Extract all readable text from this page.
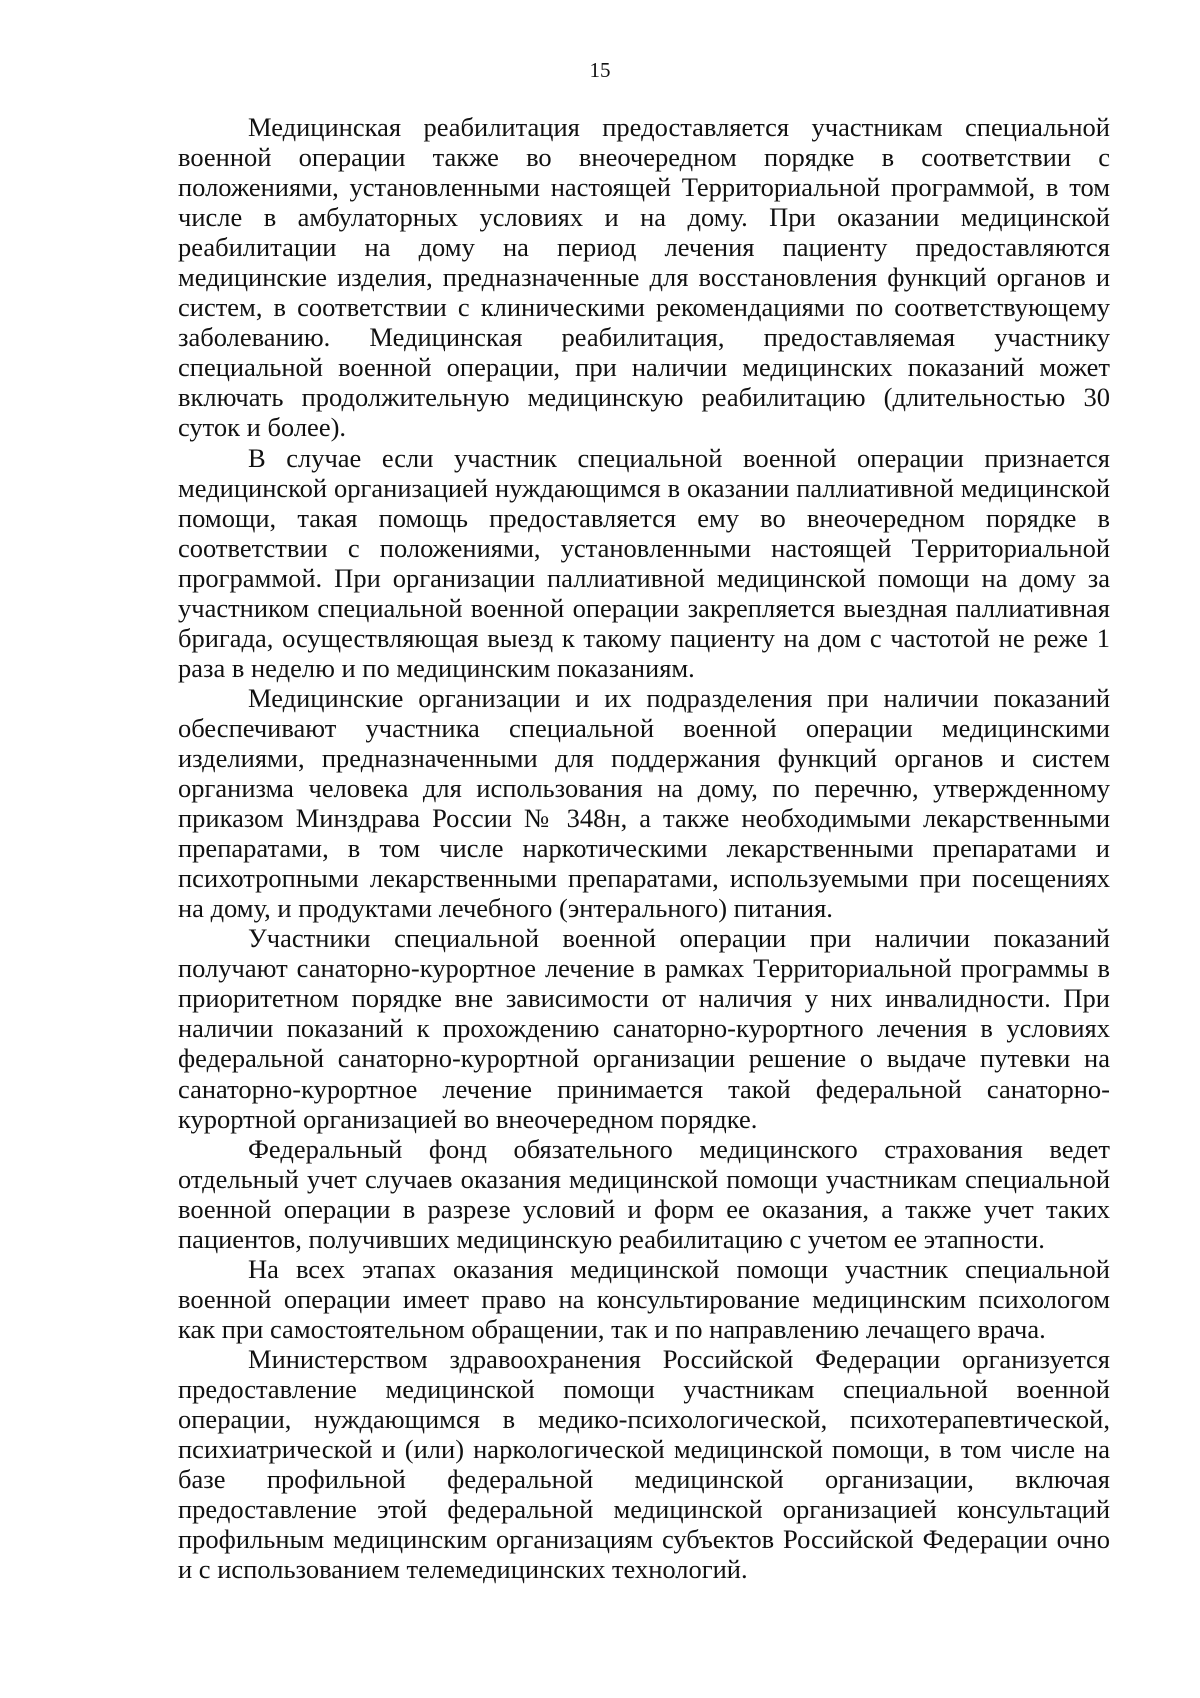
15

Медицинская реабилитация предоставляется участникам специальной военной операции также во внеочередном порядке в соответствии с положениями, установленными настоящей Территориальной программой, в том числе в амбулаторных условиях и на дому. При оказании медицинской реабилитации на дому на период лечения пациенту предоставляются медицинские изделия, предназначенные для восстановления функций органов и систем, в соответствии с клиническими рекомендациями по соответствующему заболеванию. Медицинская реабилитация, предоставляемая участнику специальной военной операции, при наличии медицинских показаний может включать продолжительную медицинскую реабилитацию (длительностью 30 суток и более).

В случае если участник специальной военной операции признается медицинской организацией нуждающимся в оказании паллиативной медицинской помощи, такая помощь предоставляется ему во внеочередном порядке в соответствии с положениями, установленными настоящей Территориальной программой. При организации паллиативной медицинской помощи на дому за участником специальной военной операции закрепляется выездная паллиативная бригада, осуществляющая выезд к такому пациенту на дом с частотой не реже 1 раза в неделю и по медицинским показаниям.

Медицинские организации и их подразделения при наличии показаний обеспечивают участника специальной военной операции медицинскими изделиями, предназначенными для поддержания функций органов и систем организма человека для использования на дому, по перечню, утвержденному приказом Минздрава России № 348н, а также необходимыми лекарственными препаратами, в том числе наркотическими лекарственными препаратами и психотропными лекарственными препаратами, используемыми при посещениях на дому, и продуктами лечебного (энтерального) питания.

Участники специальной военной операции при наличии показаний получают санаторно-курортное лечение в рамках Территориальной программы в приоритетном порядке вне зависимости от наличия у них инвалидности. При наличии показаний к прохождению санаторно-курортного лечения в условиях федеральной санаторно-курортной организации решение о выдаче путевки на санаторно-курортное лечение принимается такой федеральной санаторно-курортной организацией во внеочередном порядке.

Федеральный фонд обязательного медицинского страхования ведет отдельный учет случаев оказания медицинской помощи участникам специальной военной операции в разрезе условий и форм ее оказания, а также учет таких пациентов, получивших медицинскую реабилитацию с учетом ее этапности.

На всех этапах оказания медицинской помощи участник специальной военной операции имеет право на консультирование медицинским психологом как при самостоятельном обращении, так и по направлению лечащего врача.

Министерством здравоохранения Российской Федерации организуется предоставление медицинской помощи участникам специальной военной операции, нуждающимся в медико-психологической, психотерапевтической, психиатрической и (или) наркологической медицинской помощи, в том числе на базе профильной федеральной медицинской организации, включая предоставление этой федеральной медицинской организацией консультаций профильным медицинским организациям субъектов Российской Федерации очно и с использованием телемедицинских технологий.
